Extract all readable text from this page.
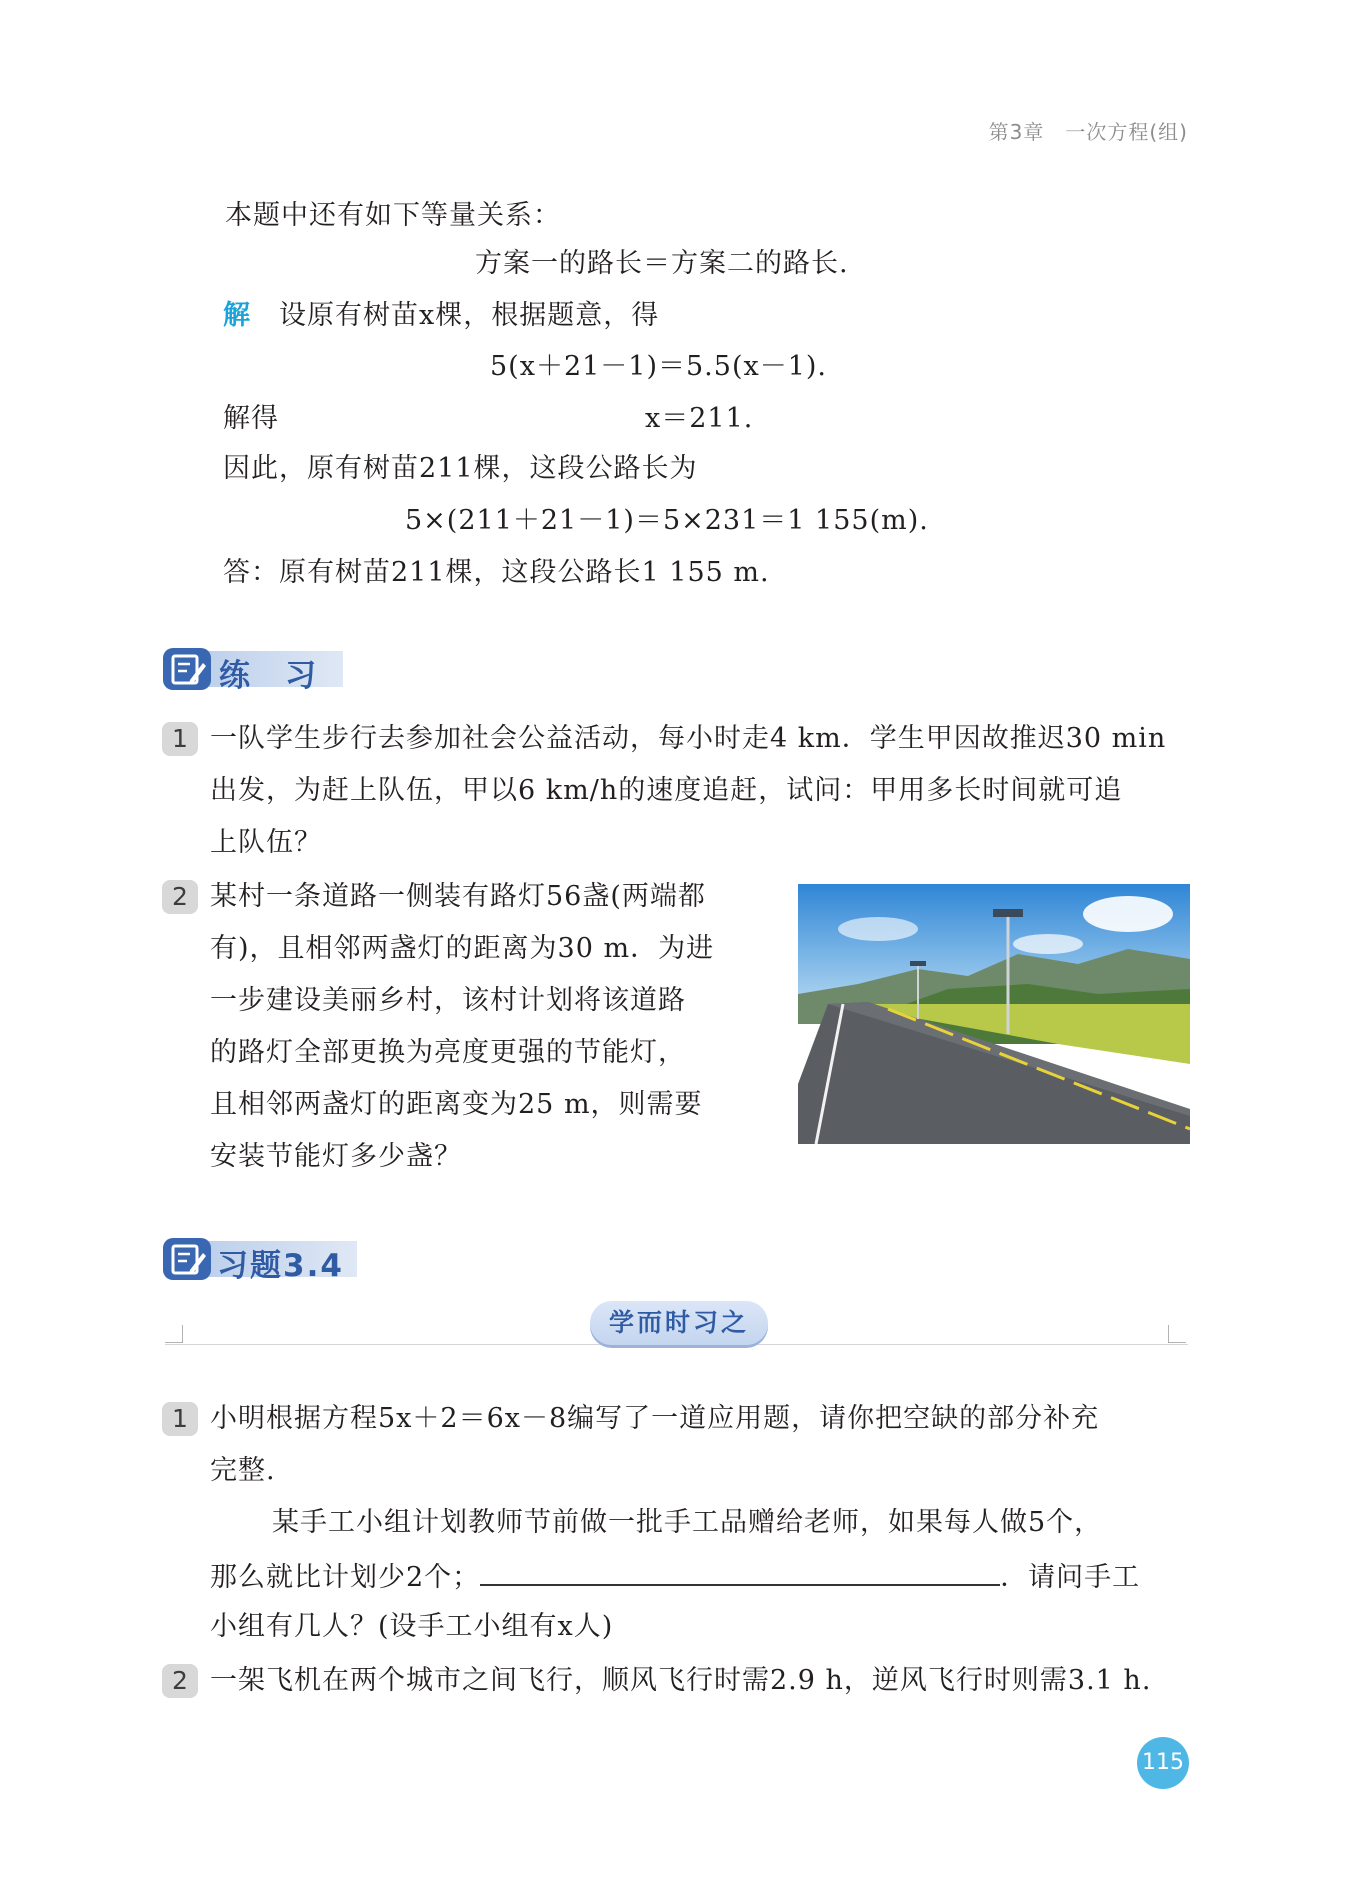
第3章　一次方程(组)
本题中还有如下等量关系：
方案一的路长＝方案二的路长.
解　 设原有树苗x棵，根据题意，得
5(x＋21－1)＝5.5(x－1).
解得	x＝211.
因此，原有树苗211棵，这段公路长为
5×(211＋21－1)＝5×231＝1 155(m).
答：原有树苗211棵，这段公路长1 155 m.
练　习
1 一队学生步行去参加社会公益活动，每小时走4 km．学生甲因故推迟30 min
出发，为赶上队伍，甲以6 km/h的速度追赶，试问：甲用多长时间就可追
上队伍？
2 某村一条道路一侧装有路灯56盏(两端都
有)，且相邻两盏灯的距离为30 m．为进
一步建设美丽乡村，该村计划将该道路
的路灯全部更换为亮度更强的节能灯，
且相邻两盏灯的距离变为25 m，则需要
安装节能灯多少盏？
习题3.4
学而时习之
1 小明根据方程5x＋2＝6x－8编写了一道应用题，请你把空缺的部分补充
完整.
某手工小组计划教师节前做一批手工品赠给老师，如果每人做5个，
那么就比计划少2个；	．请问手工
小组有几人？(设手工小组有x人)
2 一架飞机在两个城市之间飞行，顺风飞行时需2.9 h，逆风飞行时则需3.1 h.
115
